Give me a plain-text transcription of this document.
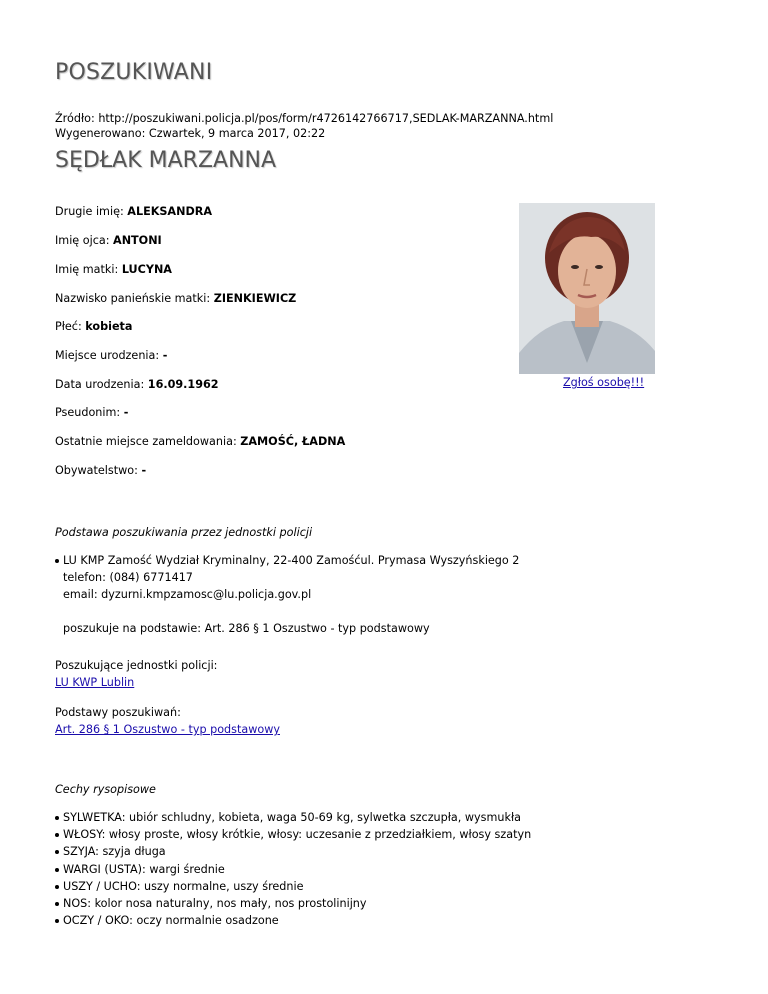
POSZUKIWANI
Źródło: http://poszukiwani.policja.pl/pos/form/r4726142766717,SEDLAK-MARZANNA.html
Wygenerowano: Czwartek, 9 marca 2017, 02:22
SĘDŁAK MARZANNA
Drugie imię: ALEKSANDRA
Imię ojca: ANTONI
Imię matki: LUCYNA
Nazwisko panieńskie matki: ZIENKIEWICZ
Płeć: kobieta
Miejsce urodzenia: -
Data urodzenia: 16.09.1962
Pseudonim: -
Ostatnie miejsce zameldowania: ZAMOŚĆ, ŁADNA
Obywatelstwo: -
Zgłoś osobę!!!
Podstawa poszukiwania przez jednostki policji
LU KMP Zamość Wydział Kryminalny, 22-400 Zamośćul. Prymasa Wyszyńskiego 2
telefon: (084) 6771417
email: dyzurni.kmpzamosc@lu.policja.gov.pl
poszukuje na podstawie: Art. 286 § 1 Oszustwo - typ podstawowy
Poszukujące jednostki policji:
LU KWP Lublin
Podstawy poszukiwań:
Art. 286 § 1 Oszustwo - typ podstawowy
Cechy rysopisowe
SYLWETKA: ubiór schludny, kobieta, waga 50-69 kg, sylwetka szczupła, wysmukła
WŁOSY: włosy proste, włosy krótkie, włosy: uczesanie z przedziałkiem, włosy szatyn
SZYJA: szyja długa
WARGI (USTA): wargi średnie
USZY / UCHO: uszy normalne, uszy średnie
NOS: kolor nosa naturalny, nos mały, nos prostolinijny
OCZY / OKO: oczy normalnie osadzone
